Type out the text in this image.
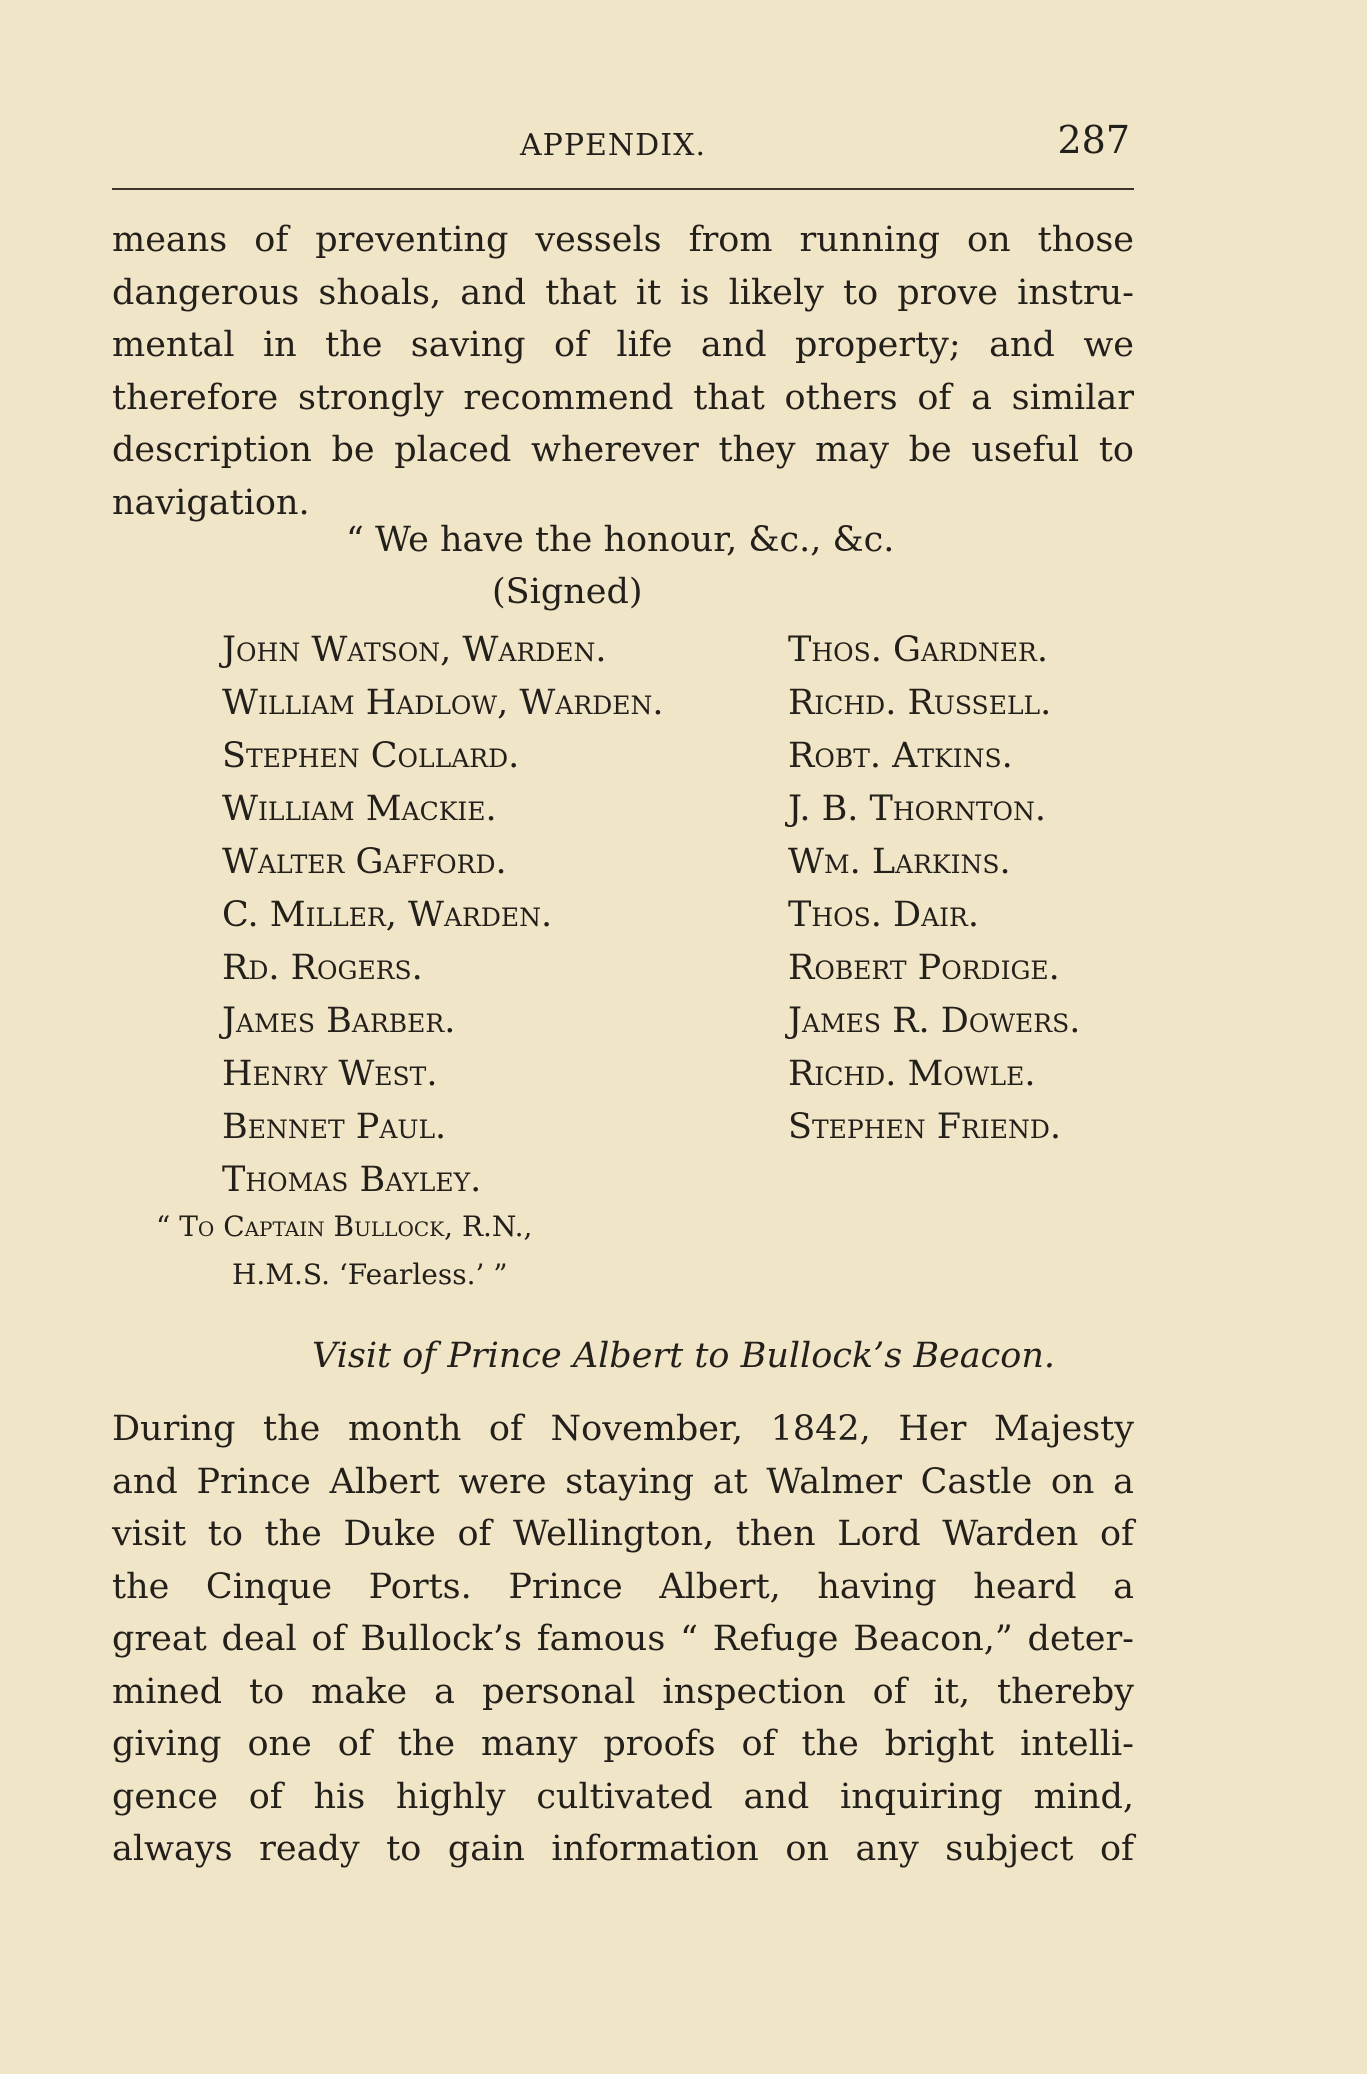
APPENDIX.	287
means of preventing vessels from running on those
dangerous shoals, and that it is likely to prove instru-
mental in the saving of life and property; and we
therefore strongly recommend that others of a similar
description be placed wherever they may be useful to
navigation.
“ We have the honour, &c., &c.
(Signed)
John Watson, Warden.
William Hadlow, Warden.
Stephen Collard.
William Mackie.
Walter Gafford.
C. Miller, Warden.
Rd. Rogers.
James Barber.
Henry West.
Bennet Paul.
Thomas Bayley.
Thos. Gardner.
Richd. Russell.
Robt. Atkins.
J. B. Thornton.
Wm. Larkins.
Thos. Dair.
Robert Pordige.
James R. Dowers.
Richd. Mowle.
Stephen Friend.
“ To Captain Bullock, R.N.,
H.M.S. ‘Fearless.’ ”
Visit of Prince Albert to Bullock’s Beacon.
During the month of November, 1842, Her Majesty
and Prince Albert were staying at Walmer Castle on a
visit to the Duke of Wellington, then Lord Warden of
the Cinque Ports. Prince Albert, having heard a
great deal of Bullock’s famous “ Refuge Beacon,” deter-
mined to make a personal inspection of it, thereby
giving one of the many proofs of the bright intelli-
gence of his highly cultivated and inquiring mind,
always ready to gain information on any subject of
